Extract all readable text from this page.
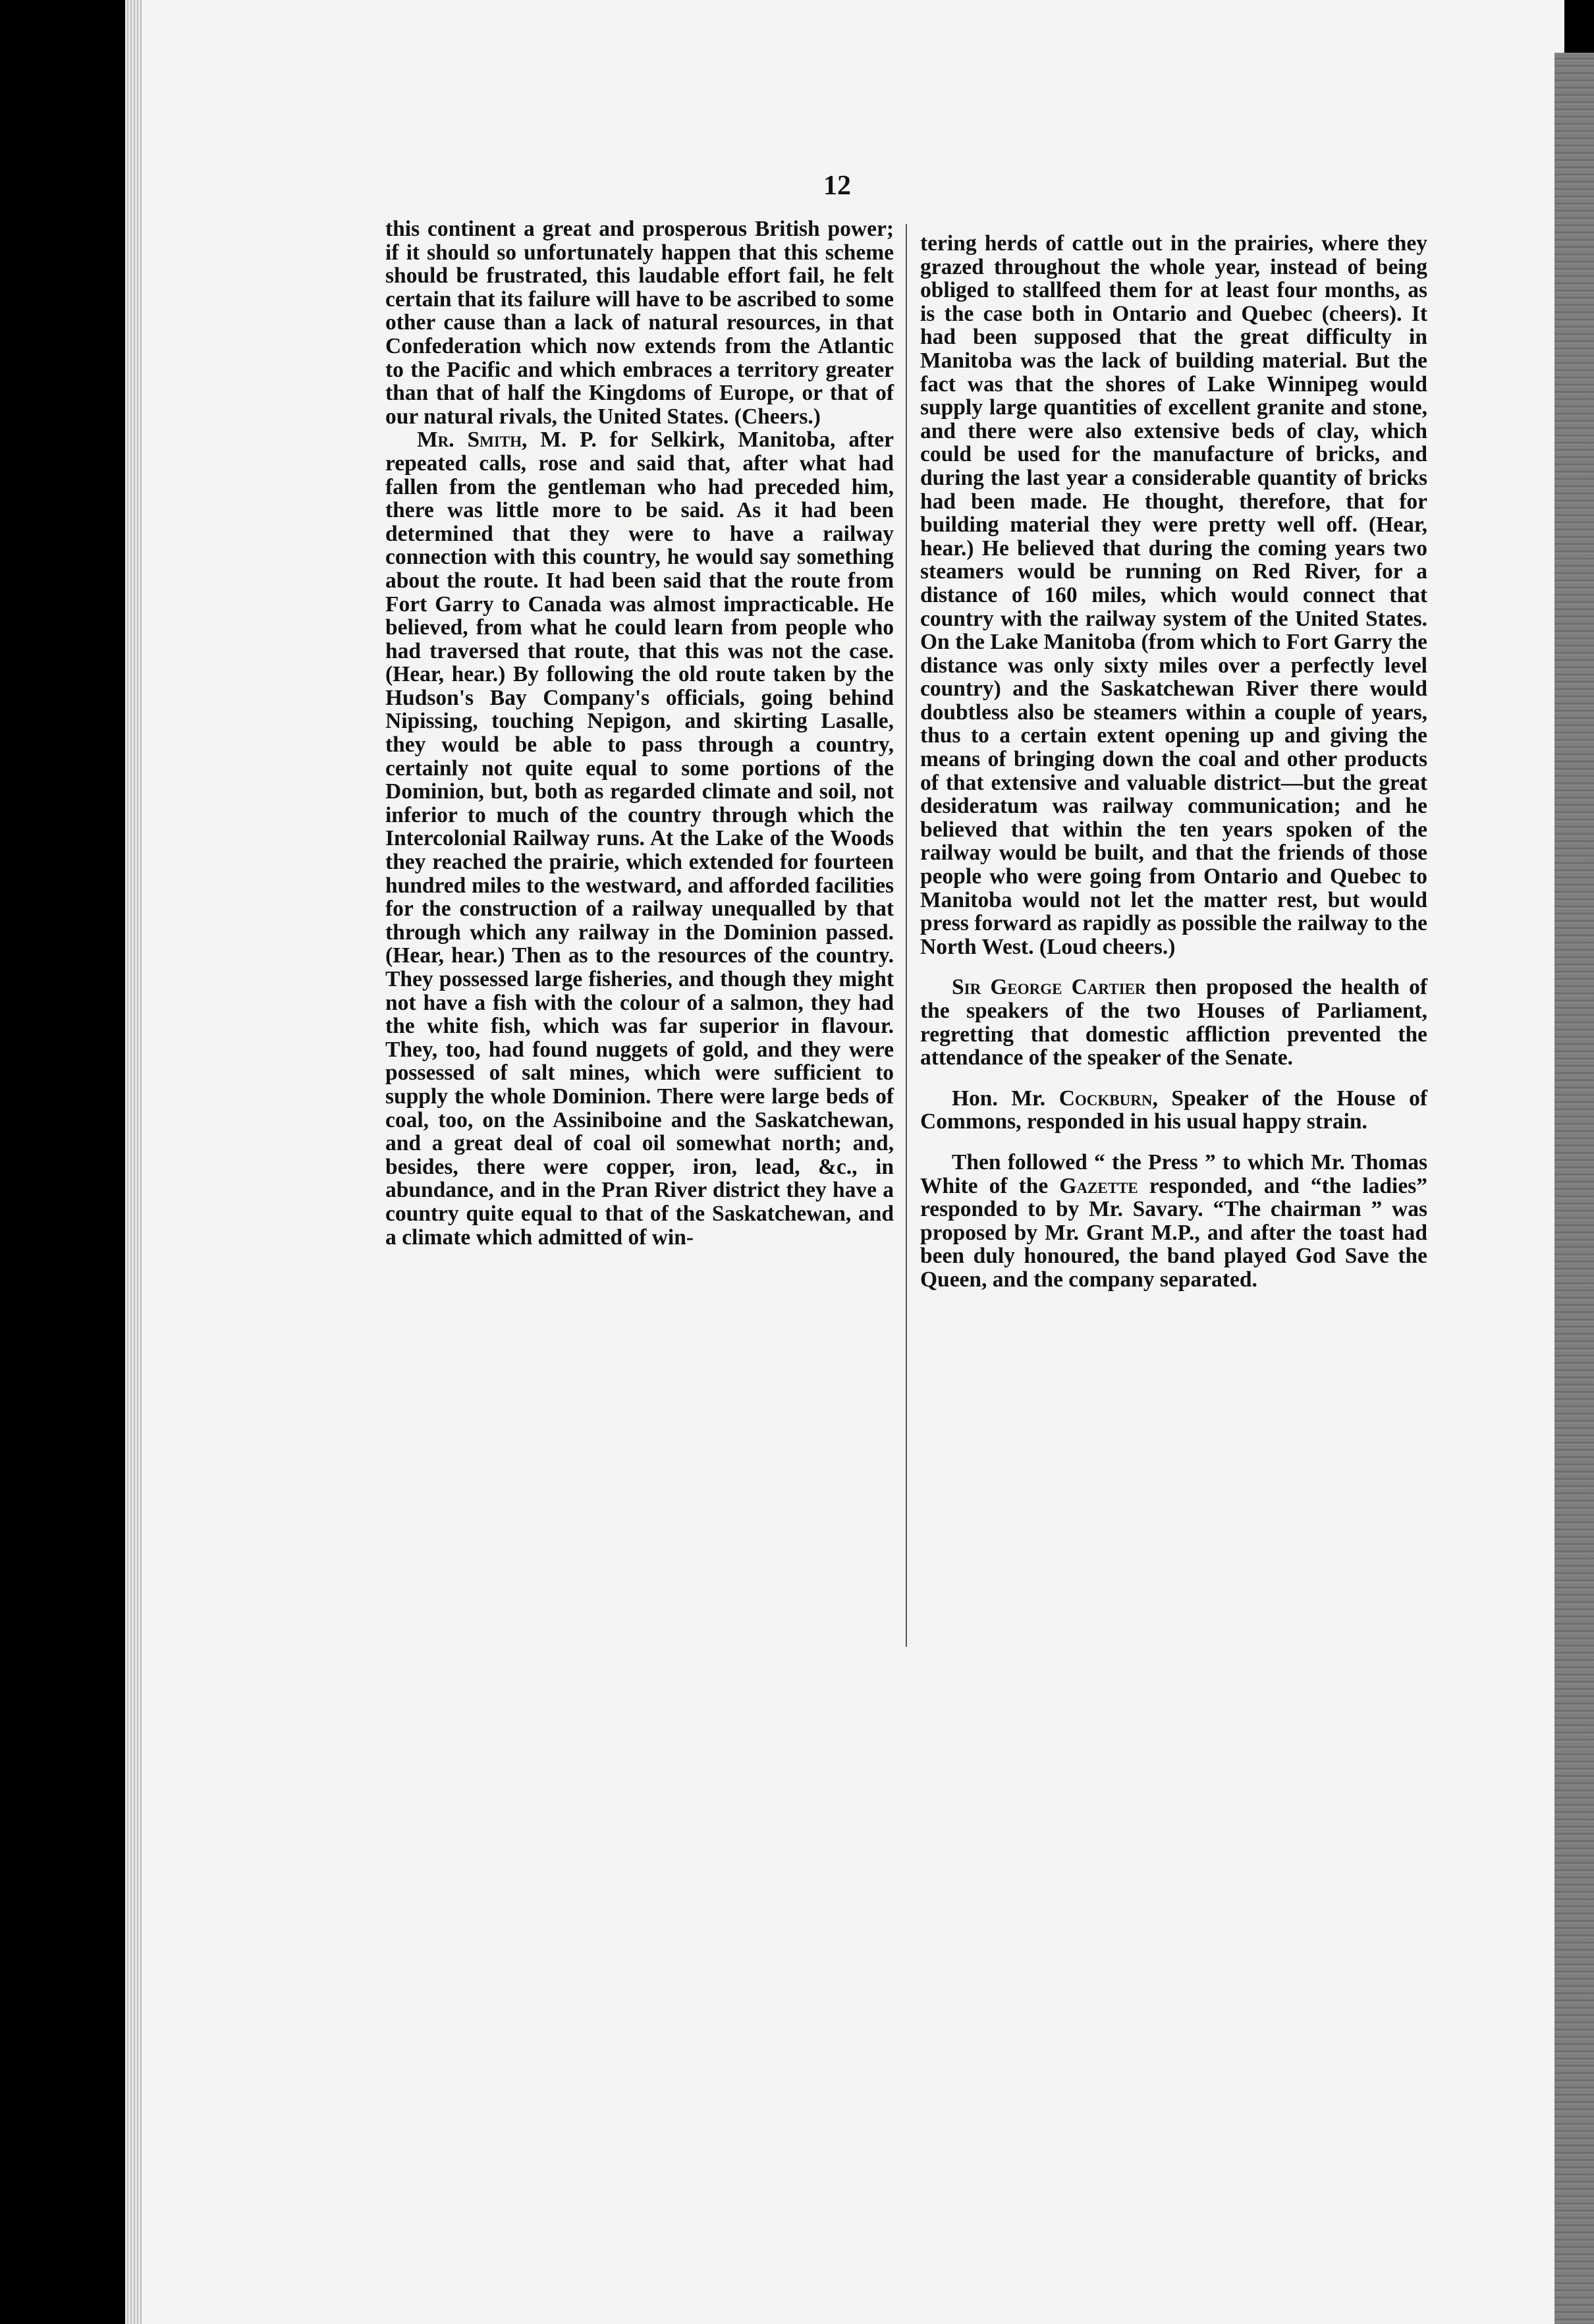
12

this continent a great and prosperous British power; if it should so unfortunately happen that this scheme should be frustrated, this laudable effort fail, he felt certain that its failure will have to be ascribed to some other cause than a lack of natural resources, in that Confederation which now extends from the Atlantic to the Pacific and which embraces a territory greater than that of half the Kingdoms of Europe, or that of our natural rivals, the United States. (Cheers.)

Mr. Smith, M. P. for Selkirk, Manitoba, after repeated calls, rose and said that, after what had fallen from the gentleman who had preceded him, there was little more to be said. As it had been determined that they were to have a railway connection with this country, he would say something about the route. It had been said that the route from Fort Garry to Canada was almost impracticable. He believed, from what he could learn from people who had traversed that route, that this was not the case. (Hear, hear.) By following the old route taken by the Hudson's Bay Company's officials, going behind Nipissing, touching Nepigon, and skirting Lasalle, they would be able to pass through a country, certainly not quite equal to some portions of the Dominion, but, both as regarded climate and soil, not inferior to much of the country through which the Intercolonial Railway runs. At the Lake of the Woods they reached the prairie, which extended for fourteen hundred miles to the westward, and afforded facilities for the construction of a railway unequalled by that through which any railway in the Dominion passed. (Hear, hear.) Then as to the resources of the country. They possessed large fisheries, and though they might not have a fish with the colour of a salmon, they had the white fish, which was far superior in flavour. They, too, had found nuggets of gold, and they were possessed of salt mines, which were sufficient to supply the whole Dominion. There were large beds of coal, too, on the Assiniboine and the Saskatchewan, and a great deal of coal oil somewhat north; and, besides, there were copper, iron, lead, &c., in abundance, and in the Pran River district they have a country quite equal to that of the Saskatchewan, and a climate which admitted of win-

tering herds of cattle out in the prairies, where they grazed throughout the whole year, instead of being obliged to stallfeed them for at least four months, as is the case both in Ontario and Quebec (cheers). It had been supposed that the great difficulty in Manitoba was the lack of building material. But the fact was that the shores of Lake Winnipeg would supply large quantities of excellent granite and stone, and there were also extensive beds of clay, which could be used for the manufacture of bricks, and during the last year a considerable quantity of bricks had been made. He thought, therefore, that for building material they were pretty well off. (Hear, hear.) He believed that during the coming years two steamers would be running on Red River, for a distance of 160 miles, which would connect that country with the railway system of the United States. On the Lake Manitoba (from which to Fort Garry the distance was only sixty miles over a perfectly level country) and the Saskatchewan River there would doubtless also be steamers within a couple of years, thus to a certain extent opening up and giving the means of bringing down the coal and other products of that extensive and valuable district—but the great desideratum was railway communication; and he believed that within the ten years spoken of the railway would be built, and that the friends of those people who were going from Ontario and Quebec to Manitoba would not let the matter rest, but would press forward as rapidly as possible the railway to the North West. (Loud cheers.)

Sir George Cartier then proposed the health of the speakers of the two Houses of Parliament, regretting that domestic affliction prevented the attendance of the speaker of the Senate.

Hon. Mr. Cockburn, Speaker of the House of Commons, responded in his usual happy strain.

Then followed “ the Press ” to which Mr. Thomas White of the Gazette responded, and “the ladies” responded to by Mr. Savary. “The chairman ” was proposed by Mr. Grant M.P., and after the toast had been duly honoured, the band played God Save the Queen, and the company separated.
